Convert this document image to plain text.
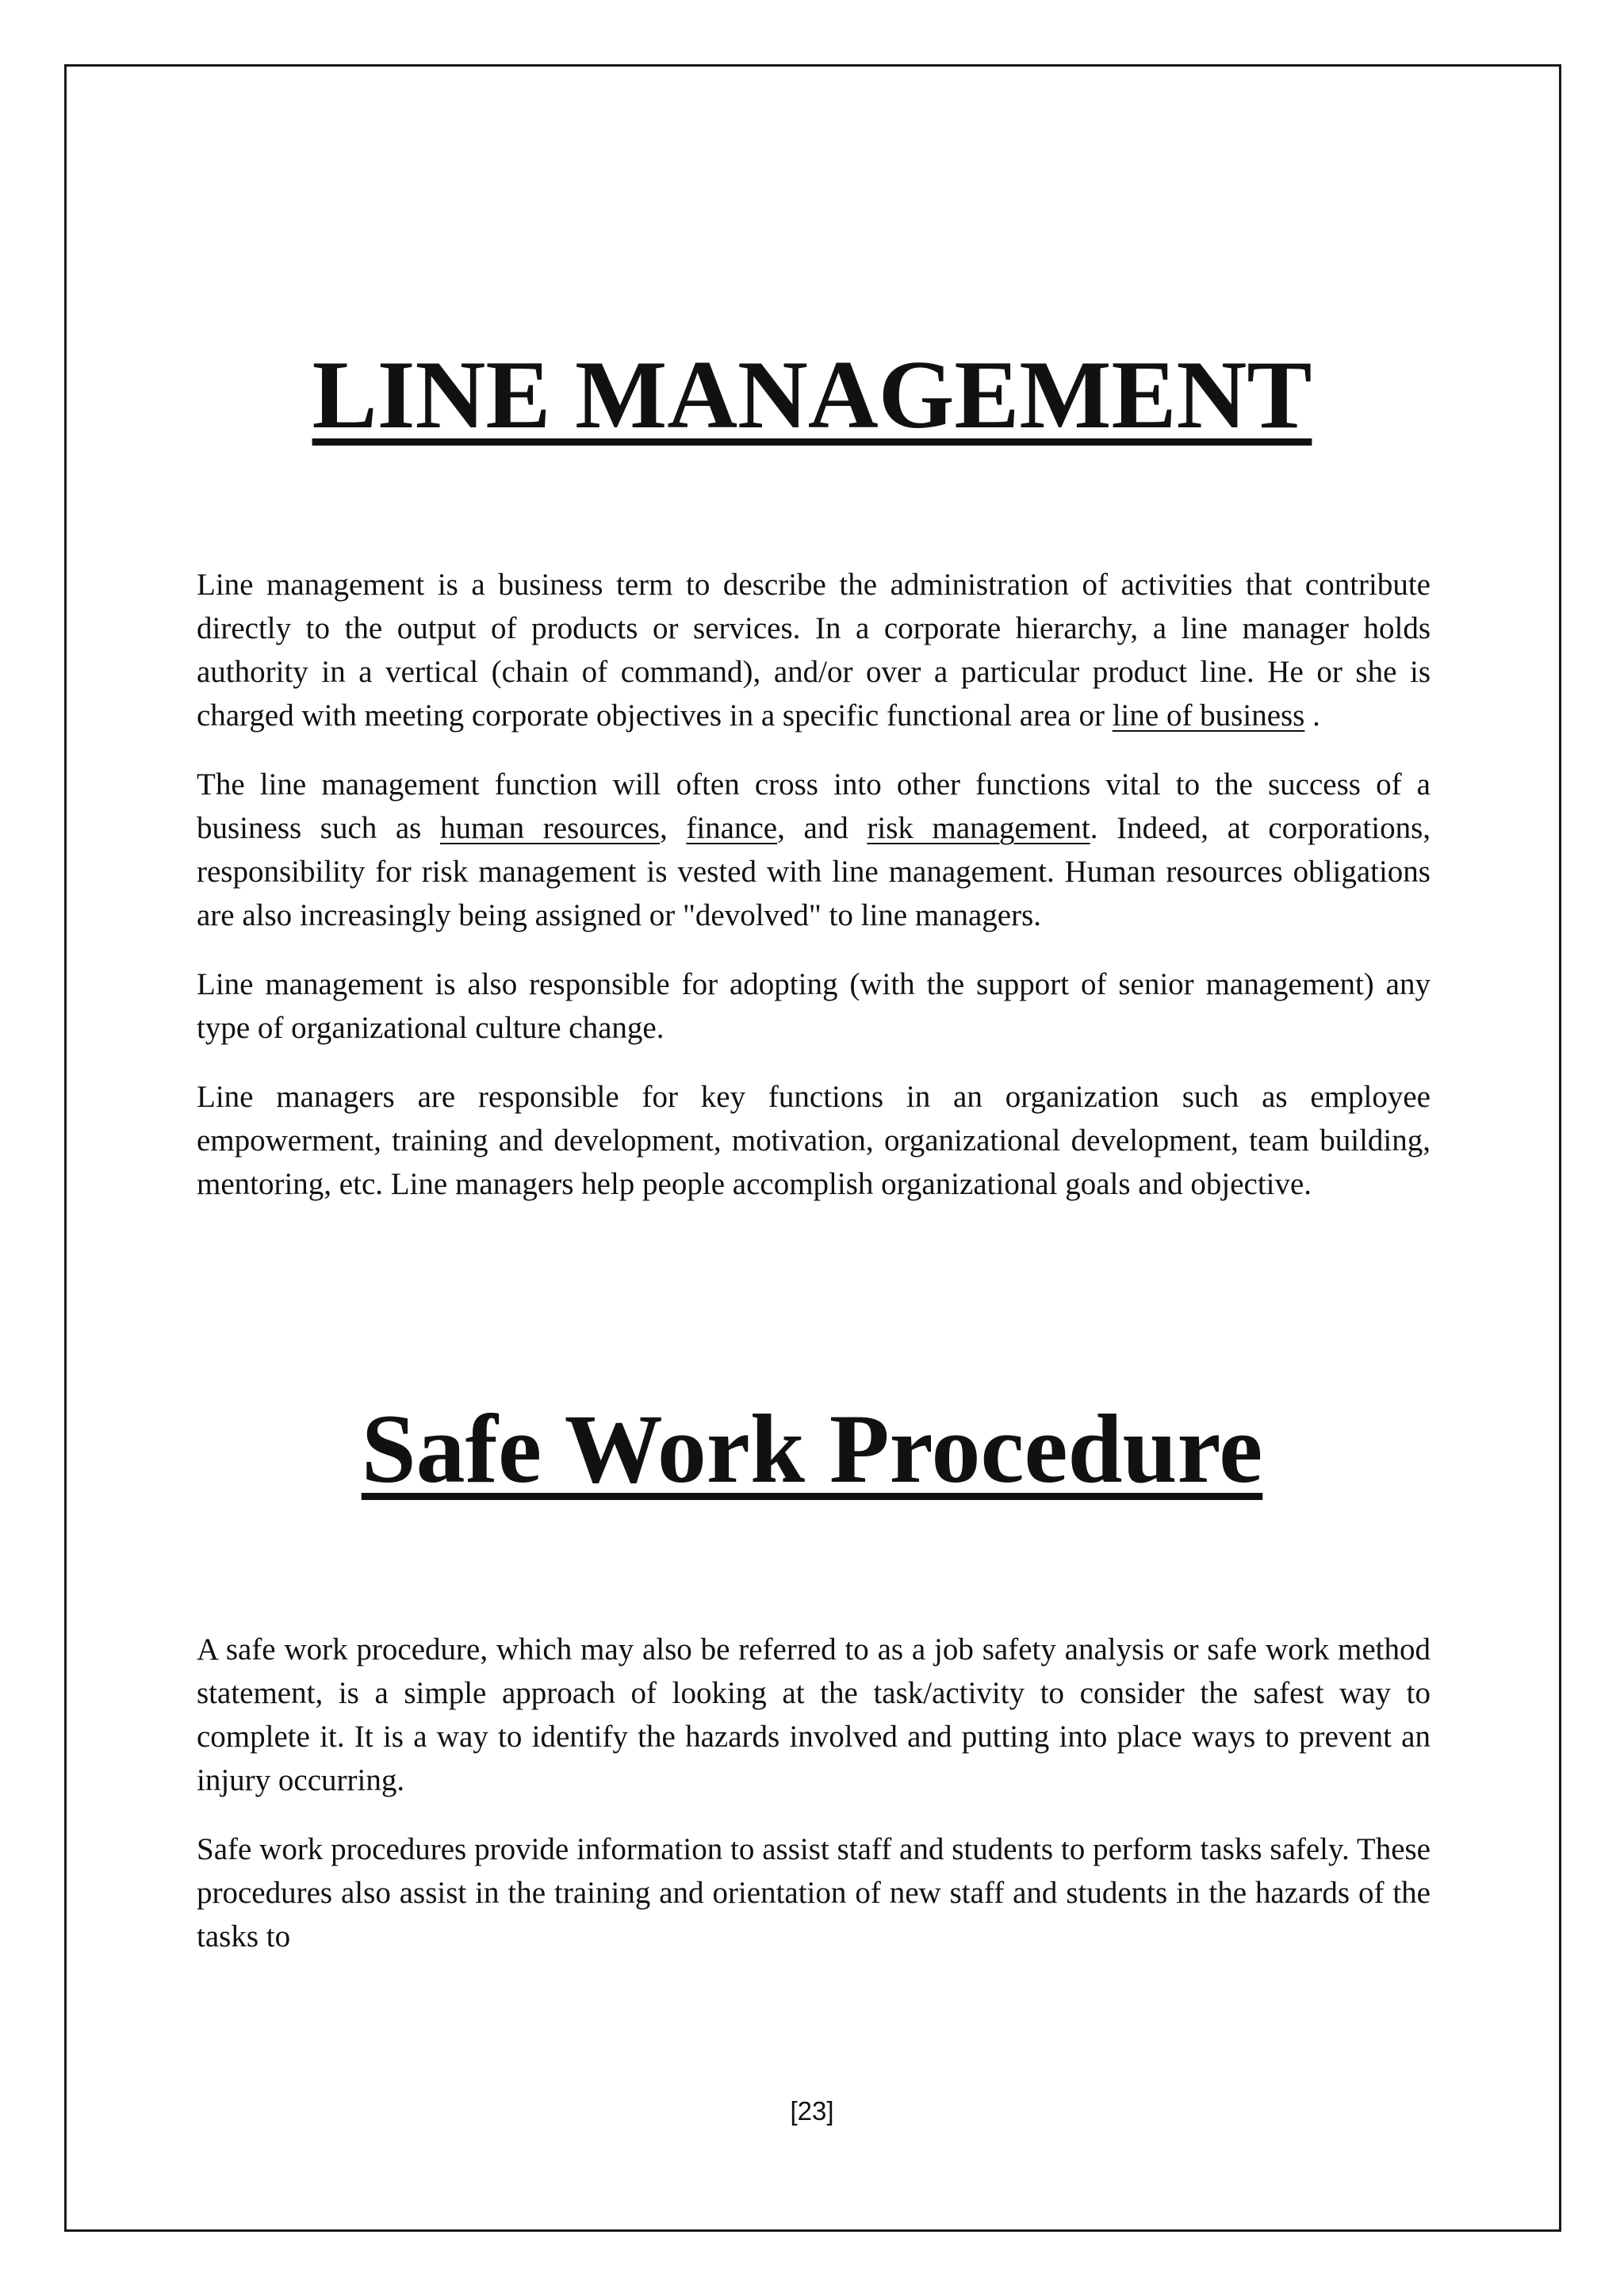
LINE MANAGEMENT

Line management is a business term to describe the administration of activities that contribute directly to the output of products or services. In a corporate hierarchy, a line manager holds authority in a vertical (chain of command), and/or over a particular product line. He or she is charged with meeting corporate objectives in a specific functional area or line of business .

The line management function will often cross into other functions vital to the success of a business such as human resources, finance, and risk management. Indeed, at corporations, responsibility for risk management is vested with line management. Human resources obligations are also increasingly being assigned or "devolved" to line managers.

Line management is also responsible for adopting (with the support of senior management) any type of organizational culture change.

Line managers are responsible for key functions in an organization such as employee empowerment, training and development, motivation, organizational development, team building, mentoring, etc. Line managers help people accomplish organizational goals and objective.

Safe Work Procedure

A safe work procedure, which may also be referred to as a job safety analysis or safe work method statement, is a simple approach of looking at the task/activity to consider the safest way to complete it. It is a way to identify the hazards involved and putting into place ways to prevent an injury occurring.

Safe work procedures provide information to assist staff and students to perform tasks safely. These procedures also assist in the training and orientation of new staff and students in the hazards of the tasks to

[23]
